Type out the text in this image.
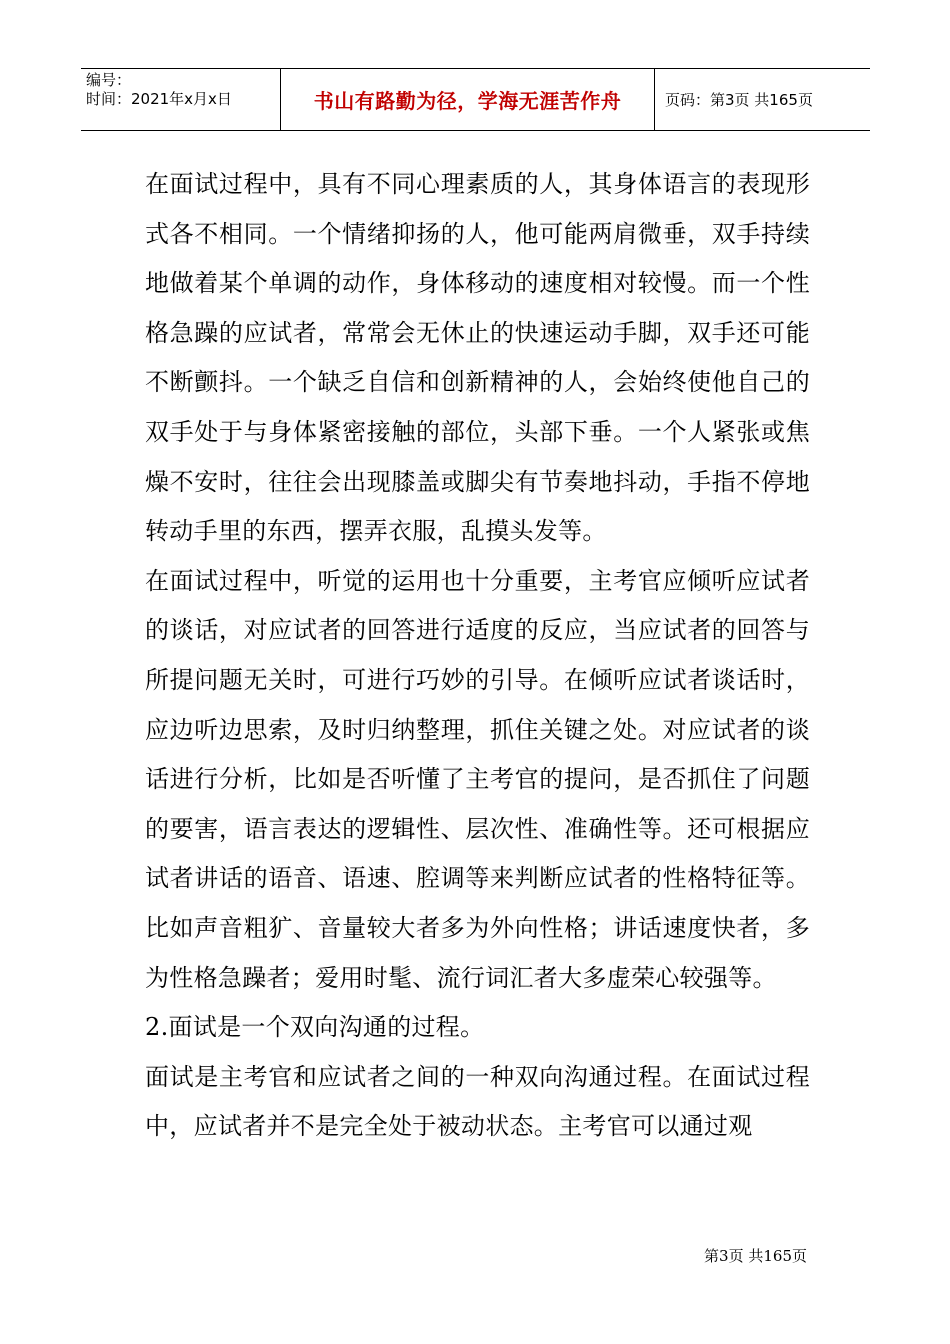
编号：
时间：2021年x月x日	书山有路勤为径，学海无涯苦作舟	页码：第3页 共165页

在面试过程中，具有不同心理素质的人，其身体语言的表现形式各不相同。一个情绪抑扬的人，他可能两肩微垂，双手持续地做着某个单调的动作，身体移动的速度相对较慢。而一个性格急躁的应试者，常常会无休止的快速运动手脚，双手还可能不断颤抖。一个缺乏自信和创新精神的人，会始终使他自己的双手处于与身体紧密接触的部位，头部下垂。一个人紧张或焦燥不安时，往往会出现膝盖或脚尖有节奏地抖动，手指不停地转动手里的东西，摆弄衣服，乱摸头发等。

在面试过程中，听觉的运用也十分重要，主考官应倾听应试者的谈话，对应试者的回答进行适度的反应，当应试者的回答与所提问题无关时，可进行巧妙的引导。在倾听应试者谈话时，应边听边思索，及时归纳整理，抓住关键之处。对应试者的谈话进行分析，比如是否听懂了主考官的提问，是否抓住了问题的要害，语言表达的逻辑性、层次性、准确性等。还可根据应试者讲话的语音、语速、腔调等来判断应试者的性格特征等。比如声音粗犷、音量较大者多为外向性格；讲话速度快者，多为性格急躁者；爱用时髦、流行词汇者大多虚荣心较强等。

2.面试是一个双向沟通的过程。

面试是主考官和应试者之间的一种双向沟通过程。在面试过程中，应试者并不是完全处于被动状态。主考官可以通过观

第3页 共165页
